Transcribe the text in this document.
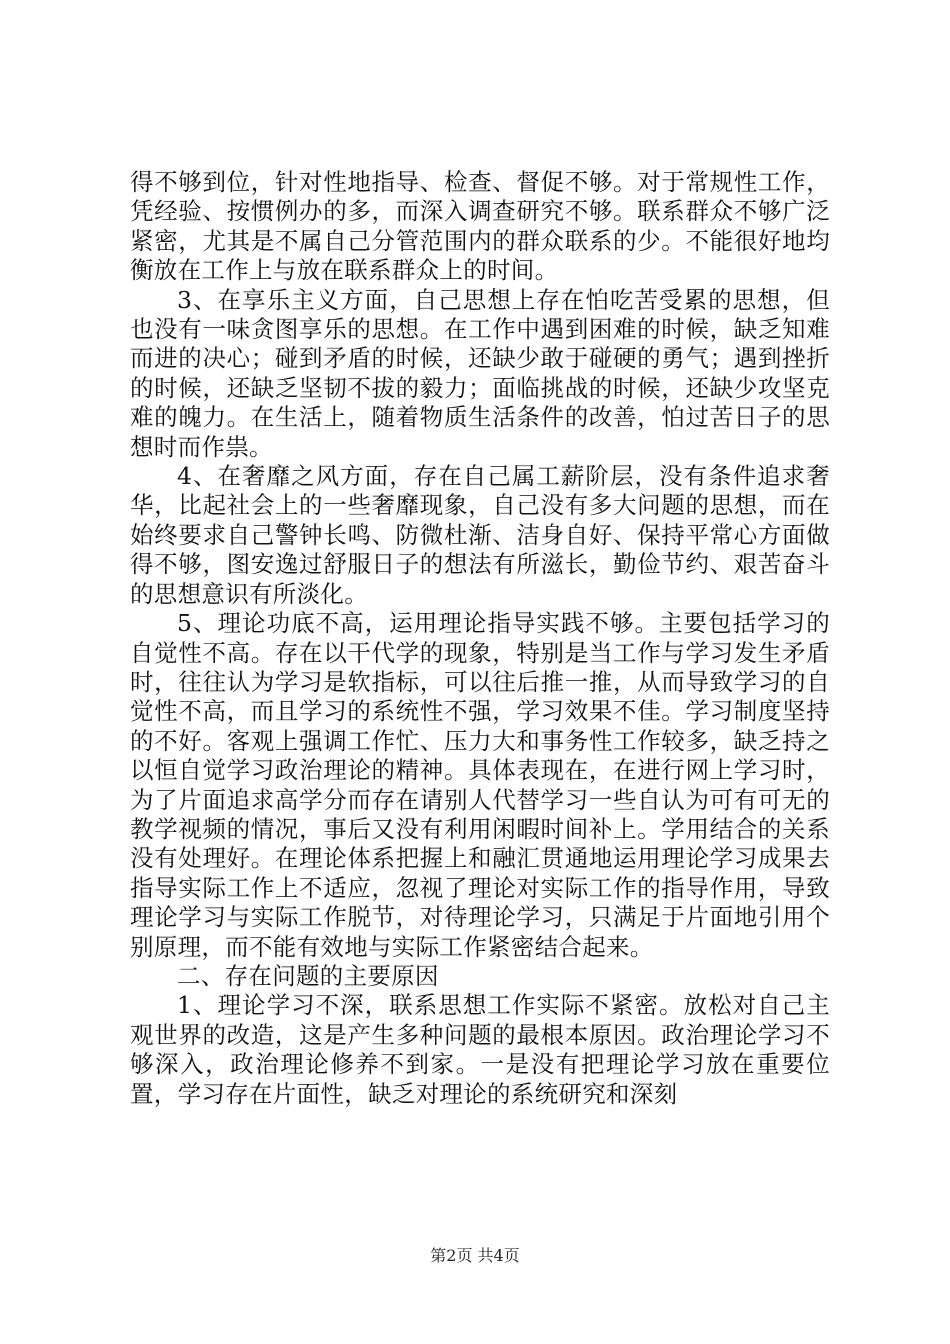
得不够到位，针对性地指导、检查、督促不够。对于常规性工作，凭经验、按惯例办的多，而深入调查研究不够。联系群众不够广泛紧密，尤其是不属自己分管范围内的群众联系的少。不能很好地均衡放在工作上与放在联系群众上的时间。

3、在享乐主义方面，自己思想上存在怕吃苦受累的思想，但也没有一味贪图享乐的思想。在工作中遇到困难的时候，缺乏知难而进的决心；碰到矛盾的时候，还缺少敢于碰硬的勇气；遇到挫折的时候，还缺乏坚韧不拔的毅力；面临挑战的时候，还缺少攻坚克难的魄力。在生活上，随着物质生活条件的改善，怕过苦日子的思想时而作祟。

4、在奢靡之风方面，存在自己属工薪阶层，没有条件追求奢华，比起社会上的一些奢靡现象，自己没有多大问题的思想，而在始终要求自己警钟长鸣、防微杜渐、洁身自好、保持平常心方面做得不够，图安逸过舒服日子的想法有所滋长，勤俭节约、艰苦奋斗的思想意识有所淡化。

5、理论功底不高，运用理论指导实践不够。主要包括学习的自觉性不高。存在以干代学的现象，特别是当工作与学习发生矛盾时，往往认为学习是软指标，可以往后推一推，从而导致学习的自觉性不高，而且学习的系统性不强，学习效果不佳。学习制度坚持的不好。客观上强调工作忙、压力大和事务性工作较多，缺乏持之以恒自觉学习政治理论的精神。具体表现在，在进行网上学习时，为了片面追求高学分而存在请别人代替学习一些自认为可有可无的教学视频的情况，事后又没有利用闲暇时间补上。学用结合的关系没有处理好。在理论体系把握上和融汇贯通地运用理论学习成果去指导实际工作上不适应，忽视了理论对实际工作的指导作用，导致理论学习与实际工作脱节，对待理论学习，只满足于片面地引用个别原理，而不能有效地与实际工作紧密结合起来。

二、存在问题的主要原因

1、理论学习不深，联系思想工作实际不紧密。放松对自己主观世界的改造，这是产生多种问题的最根本原因。政治理论学习不够深入，政治理论修养不到家。一是没有把理论学习放在重要位置，学习存在片面性，缺乏对理论的系统研究和深刻

第2页 共4页
